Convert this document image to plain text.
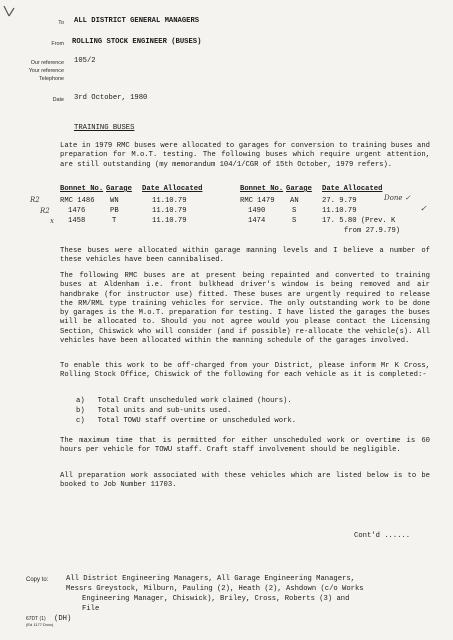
To ALL DISTRICT GENERAL MANAGERS
From ROLLING STOCK ENGINEER (BUSES)
Our reference 105/2
Your reference
Telephone
Date 3rd October, 1980
TRAINING BUSES
Late in 1979 RMC buses were allocated to garages for conversion to training buses and preparation for M.o.T. testing. The following buses which require urgent attention, are still outstanding (my memorandum 104/1/CGR of 15th October, 1979 refers).
Bonnet No. Garage	Date Allocated	Bonnet No. Garage	Date Allocated
RMC 1486	WN	11.10.79	RMC 1479	AN	27. 9.79
1476	PB	11.10.79	1490	S	11.10.79
1458	T	11.10.79	1474	S	17. 5.80 (Prev. K
from 27.9.79)
R2
R2
x
Done ✓
✓
These buses were allocated within garage manning levels and I believe a number of these vehicles have been cannibalised.
The following RMC buses are at present being repainted and converted to training buses at Aldenham i.e. front bulkhead driver's window is being removed and air handbrake (for instructor use) fitted. These buses are urgently required to release the RM/RML type training vehicles for service. The only outstanding work to be done by garages is the M.o.T. preparation for testing. I have listed the garages the buses will be allocated to. Should you not agree would you please contact the Licensing Section, Chiswick who will consider (and if possible) re-allocate the vehicle(s). All vehicles have been allocated within the manning schedule of the garages involved.
To enable this work to be off-charged from your District, please inform Mr K Cross, Rolling Stock Office, Chiswick of the following for each vehicle as it is completed:-
a) Total Craft unscheduled work claimed (hours).
b) Total units and sub-units used.
c) Total TOWU staff overtime or unscheduled work.
The maximum time that is permitted for either unscheduled work or overtime is 60 hours per vehicle for TOWU staff. Craft staff involvement should be negligible.
All preparation work associated with these vehicles which are listed below is to be booked to Job Number 11703.
Cont'd ......
Copy to: All District Engineering Managers, All Garage Engineering Managers,
Messrs Greystock, Milburn, Pauling (2), Heath (2), Ashdown (c/o Works
Engineering Manager, Chiswick), Briley, Cross, Roberts (3) and
File
67DT (1)
(Ed 1177 Dxxx)
(DH)
